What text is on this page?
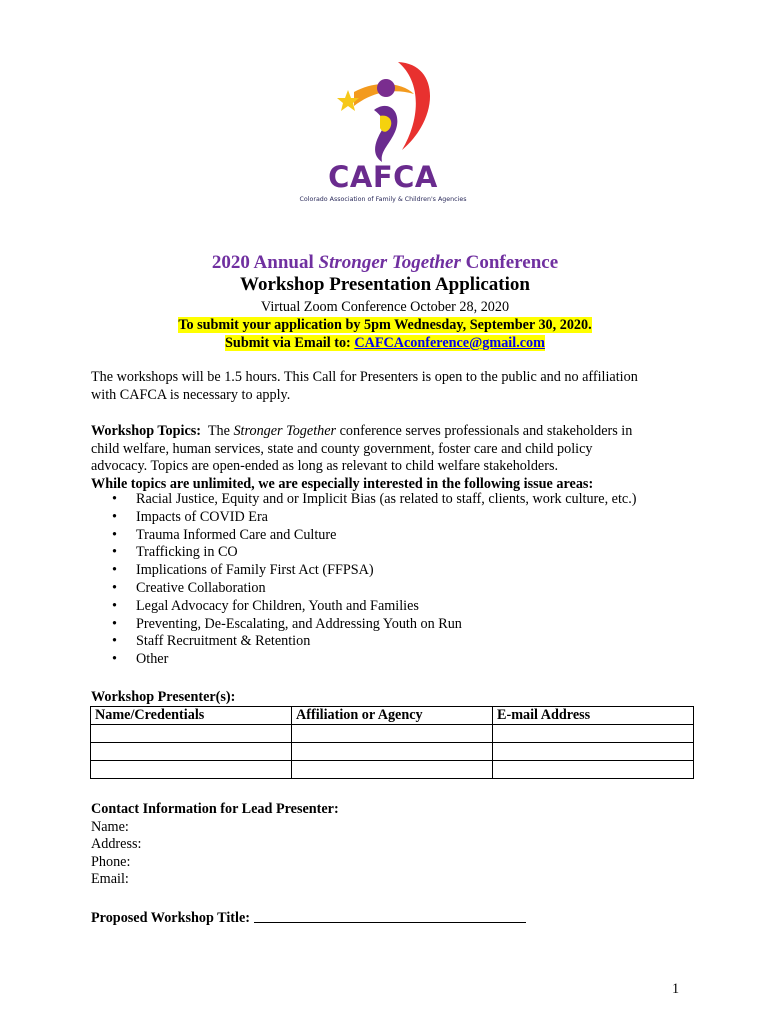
CAFCA
Colorado Association of Family & Children's Agencies
2020 Annual Stronger Together Conference
Workshop Presentation Application
Virtual Zoom Conference October 28, 2020
To submit your application by 5pm Wednesday, September 30, 2020.
Submit via Email to: CAFCAconference@gmail.com

The workshops will be 1.5 hours. This Call for Presenters is open to the public and no affiliation

with CAFCA is necessary to apply.

Workshop Topics:  The Stronger Together conference serves professionals and stakeholders in

child welfare, human services, state and county government, foster care and child policy

advocacy. Topics are open-ended as long as relevant to child welfare stakeholders.

While topics are unlimited, we are especially interested in the following issue areas:

• Racial Justice, Equity and or Implicit Bias (as related to staff, clients, work culture, etc.)
• Impacts of COVID Era
• Trauma Informed Care and Culture
• Trafficking in CO
• Implications of Family First Act (FFPSA)
• Creative Collaboration
• Legal Advocacy for Children, Youth and Families
• Preventing, De-Escalating, and Addressing Youth on Run
• Staff Recruitment & Retention
• Other
Workshop Presenter(s):
Name/Credentials	Affiliation or Agency	E-mail Address

Contact Information for Lead Presenter:

Name:

Address:

Phone:

Email:

Proposed Workshop Title:
1
